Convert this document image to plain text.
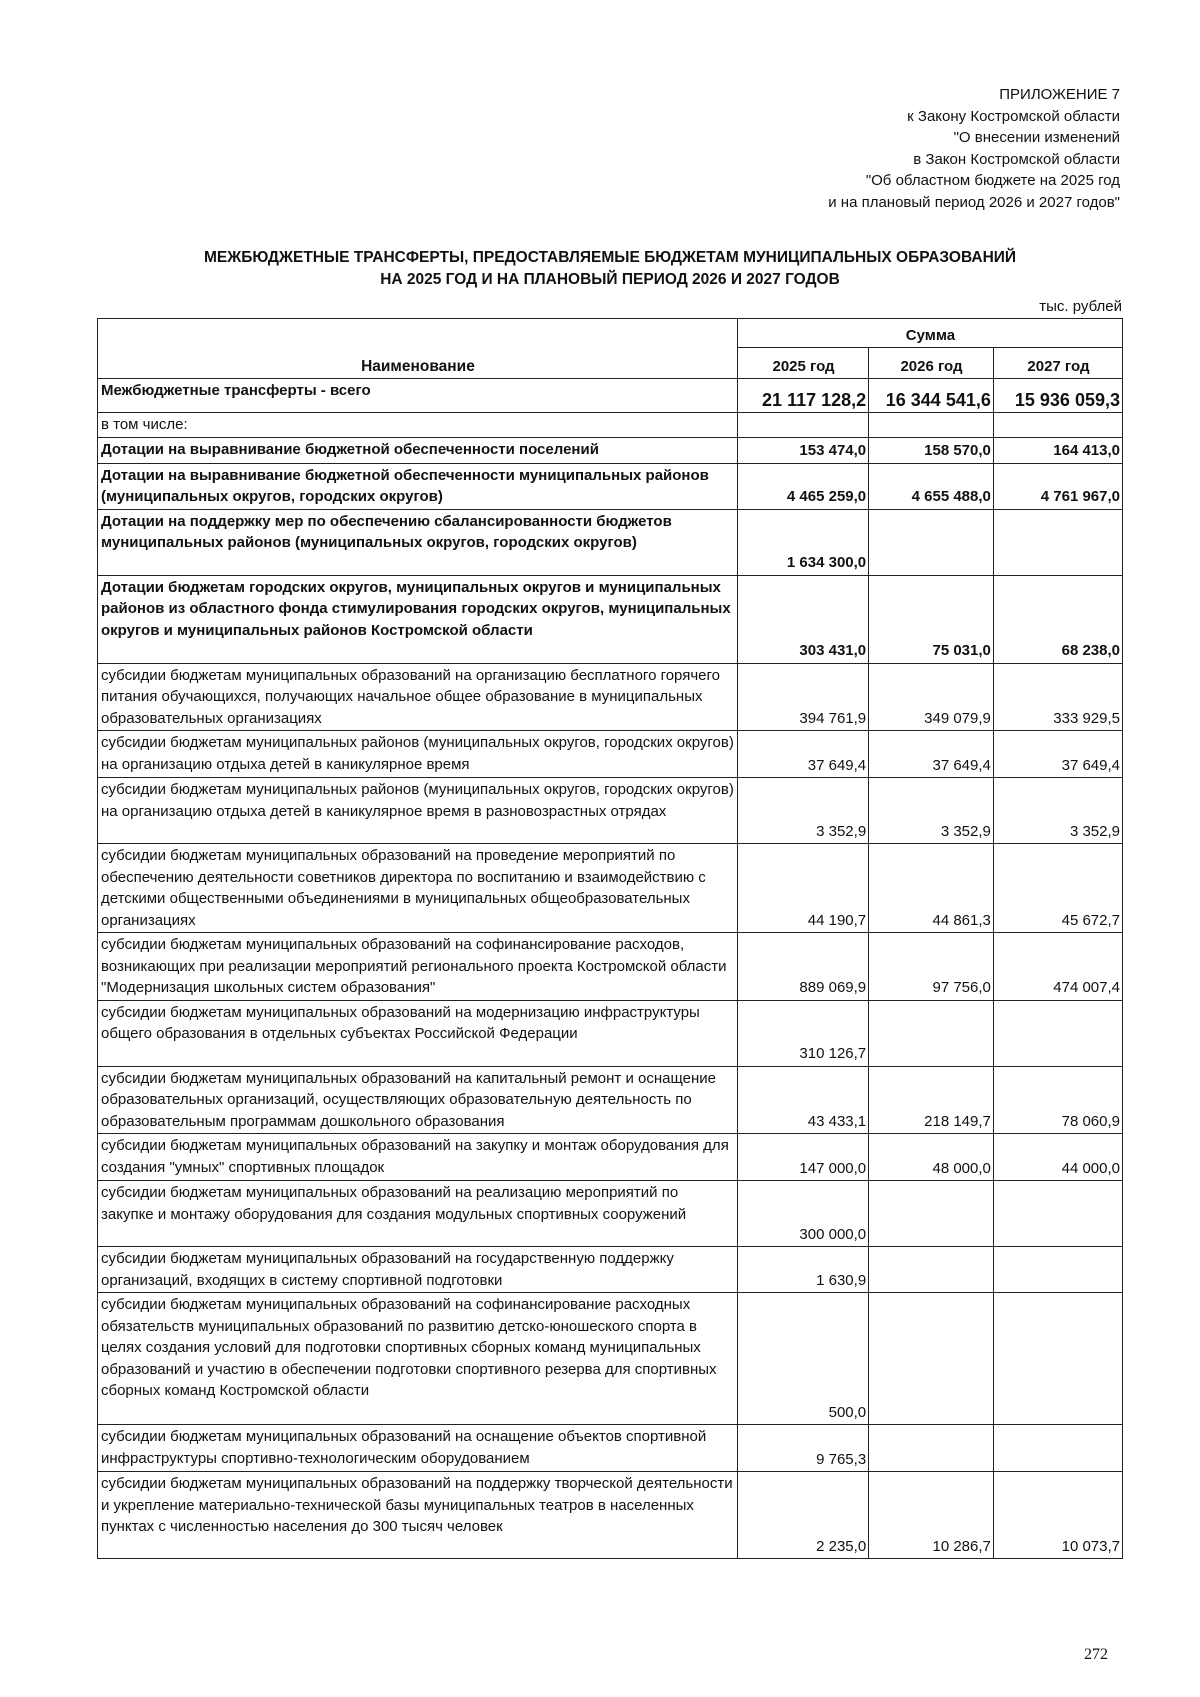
ПРИЛОЖЕНИЕ 7
к Закону Костромской области
"О внесении изменений
в Закон Костромской области
"Об областном бюджете на 2025 год
и на плановый период 2026 и 2027 годов"
МЕЖБЮДЖЕТНЫЕ ТРАНСФЕРТЫ, ПРЕДОСТАВЛЯЕМЫЕ БЮДЖЕТАМ МУНИЦИПАЛЬНЫХ ОБРАЗОВАНИЙ
НА 2025 ГОД И НА ПЛАНОВЫЙ ПЕРИОД 2026 И 2027 ГОДОВ
тыс. рублей
Наименование	Сумма		
	2025 год	2026 год	2027 год
Межбюджетные трансферты - всего	21 117 128,2	16 344 541,6	15 936 059,3
в том числе:			
Дотации на выравнивание бюджетной обеспеченности поселений	153 474,0	158 570,0	164 413,0
Дотации на выравнивание бюджетной обеспеченности муниципальных районов (муниципальных округов, городских округов)	4 465 259,0	4 655 488,0	4 761 967,0
Дотации на поддержку мер по обеспечению сбалансированности бюджетов муниципальных районов (муниципальных округов, городских округов)	1 634 300,0		
Дотации бюджетам городских округов, муниципальных округов и муниципальных районов из областного фонда стимулирования городских округов, муниципальных округов и муниципальных районов Костромской области	303 431,0	75 031,0	68 238,0
субсидии бюджетам муниципальных образований на организацию бесплатного горячего питания обучающихся, получающих начальное общее образование в муниципальных образовательных организациях	394 761,9	349 079,9	333 929,5
субсидии бюджетам муниципальных районов (муниципальных округов, городских округов) на организацию отдыха детей в каникулярное время	37 649,4	37 649,4	37 649,4
субсидии бюджетам муниципальных районов (муниципальных округов, городских округов) на организацию отдыха детей в каникулярное время в разновозрастных отрядах	3 352,9	3 352,9	3 352,9
субсидии бюджетам муниципальных образований на проведение мероприятий по обеспечению деятельности советников директора по воспитанию и взаимодействию с детскими общественными объединениями в муниципальных общеобразовательных организациях	44 190,7	44 861,3	45 672,7
субсидии бюджетам муниципальных образований на софинансирование расходов, возникающих при реализации мероприятий регионального проекта Костромской области "Модернизация школьных систем образования"	889 069,9	97 756,0	474 007,4
субсидии бюджетам муниципальных образований на модернизацию инфраструктуры общего образования в отдельных субъектах Российской Федерации	310 126,7		
субсидии бюджетам муниципальных образований на капитальный ремонт и оснащение образовательных организаций, осуществляющих образовательную деятельность по образовательным программам дошкольного образования	43 433,1	218 149,7	78 060,9
субсидии бюджетам муниципальных образований на закупку и монтаж оборудования для создания "умных" спортивных площадок	147 000,0	48 000,0	44 000,0
субсидии бюджетам муниципальных образований на реализацию мероприятий по закупке и монтажу оборудования для создания модульных спортивных сооружений	300 000,0		
субсидии бюджетам муниципальных образований на государственную поддержку организаций, входящих в систему спортивной подготовки	1 630,9		
субсидии бюджетам муниципальных образований на софинансирование расходных обязательств муниципальных образований по развитию детско-юношеского спорта в целях создания условий для подготовки спортивных сборных команд муниципальных образований и участию в обеспечении подготовки спортивного резерва для спортивных сборных команд Костромской области	500,0		
субсидии бюджетам муниципальных образований на оснащение объектов спортивной инфраструктуры спортивно-технологическим оборудованием	9 765,3		
субсидии бюджетам муниципальных образований на поддержку творческой деятельности и укрепление материально-технической базы муниципальных театров в населенных пунктах с численностью населения до 300 тысяч человек	2 235,0	10 286,7	10 073,7
272
